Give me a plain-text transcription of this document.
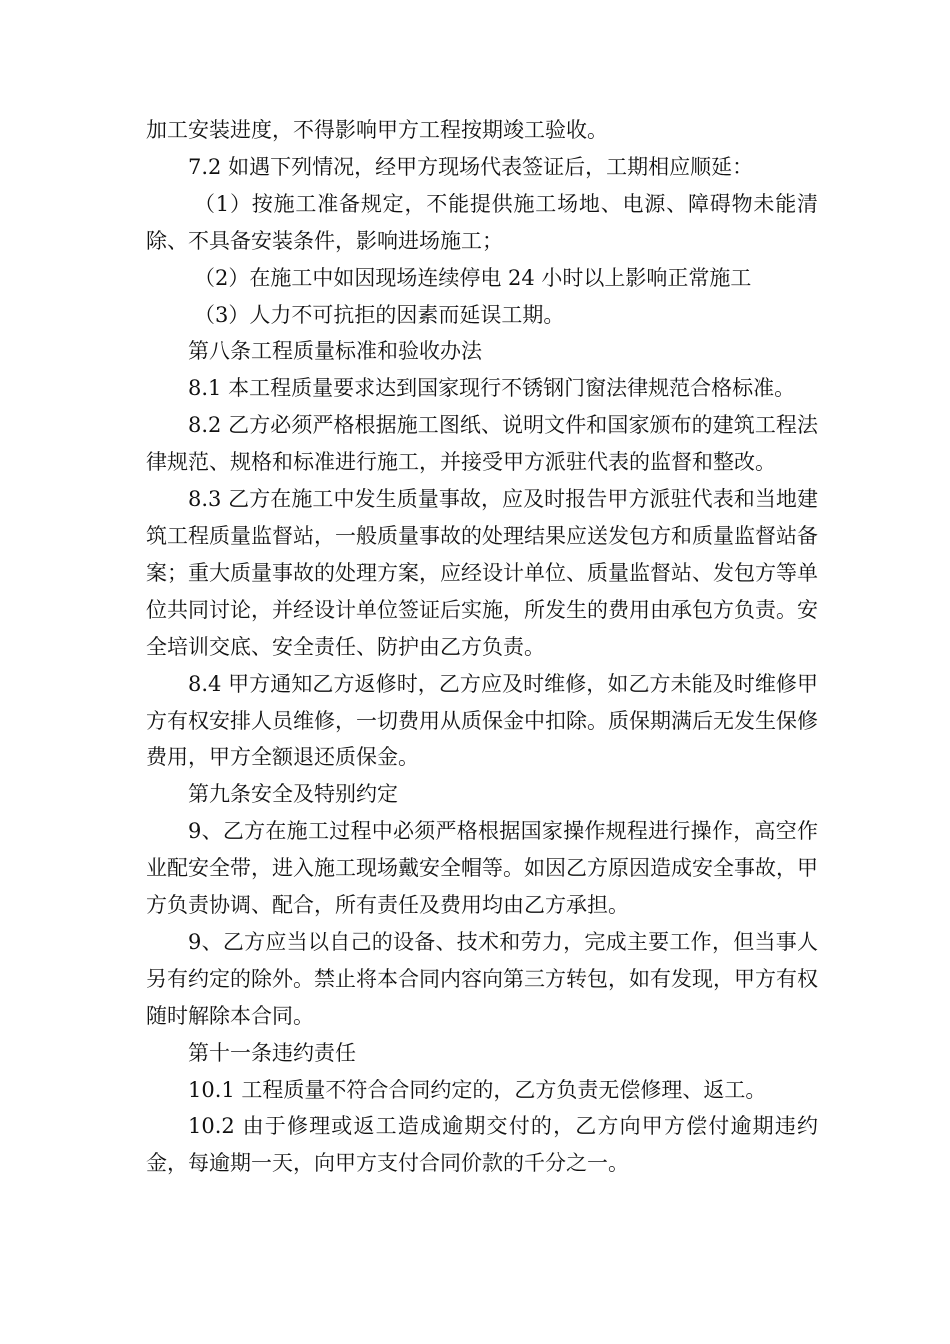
加工安装进度，不得影响甲方工程按期竣工验收。

7.2 如遇下列情况，经甲方现场代表签证后，工期相应顺延：

（1）按施工准备规定，不能提供施工场地、电源、障碍物未能清除、不具备安装条件，影响进场施工；

（2）在施工中如因现场连续停电 24 小时以上影响正常施工

（3）人力不可抗拒的因素而延误工期。

第八条工程质量标准和验收办法

8.1 本工程质量要求达到国家现行不锈钢门窗法律规范合格标准。

8.2 乙方必须严格根据施工图纸、说明文件和国家颁布的建筑工程法律规范、规格和标准进行施工，并接受甲方派驻代表的监督和整改。

8.3 乙方在施工中发生质量事故，应及时报告甲方派驻代表和当地建筑工程质量监督站，一般质量事故的处理结果应送发包方和质量监督站备案；重大质量事故的处理方案，应经设计单位、质量监督站、发包方等单位共同讨论，并经设计单位签证后实施，所发生的费用由承包方负责。安全培训交底、安全责任、防护由乙方负责。

8.4 甲方通知乙方返修时，乙方应及时维修，如乙方未能及时维修甲方有权安排人员维修，一切费用从质保金中扣除。质保期满后无发生保修费用，甲方全额退还质保金。

第九条安全及特别约定

9、乙方在施工过程中必须严格根据国家操作规程进行操作，高空作业配安全带，进入施工现场戴安全帽等。如因乙方原因造成安全事故，甲方负责协调、配合，所有责任及费用均由乙方承担。

9、乙方应当以自己的设备、技术和劳力，完成主要工作，但当事人另有约定的除外。禁止将本合同内容向第三方转包，如有发现，甲方有权随时解除本合同。

第十一条违约责任

10.1 工程质量不符合合同约定的，乙方负责无偿修理、返工。

10.2 由于修理或返工造成逾期交付的，乙方向甲方偿付逾期违约金，每逾期一天，向甲方支付合同价款的千分之一。
